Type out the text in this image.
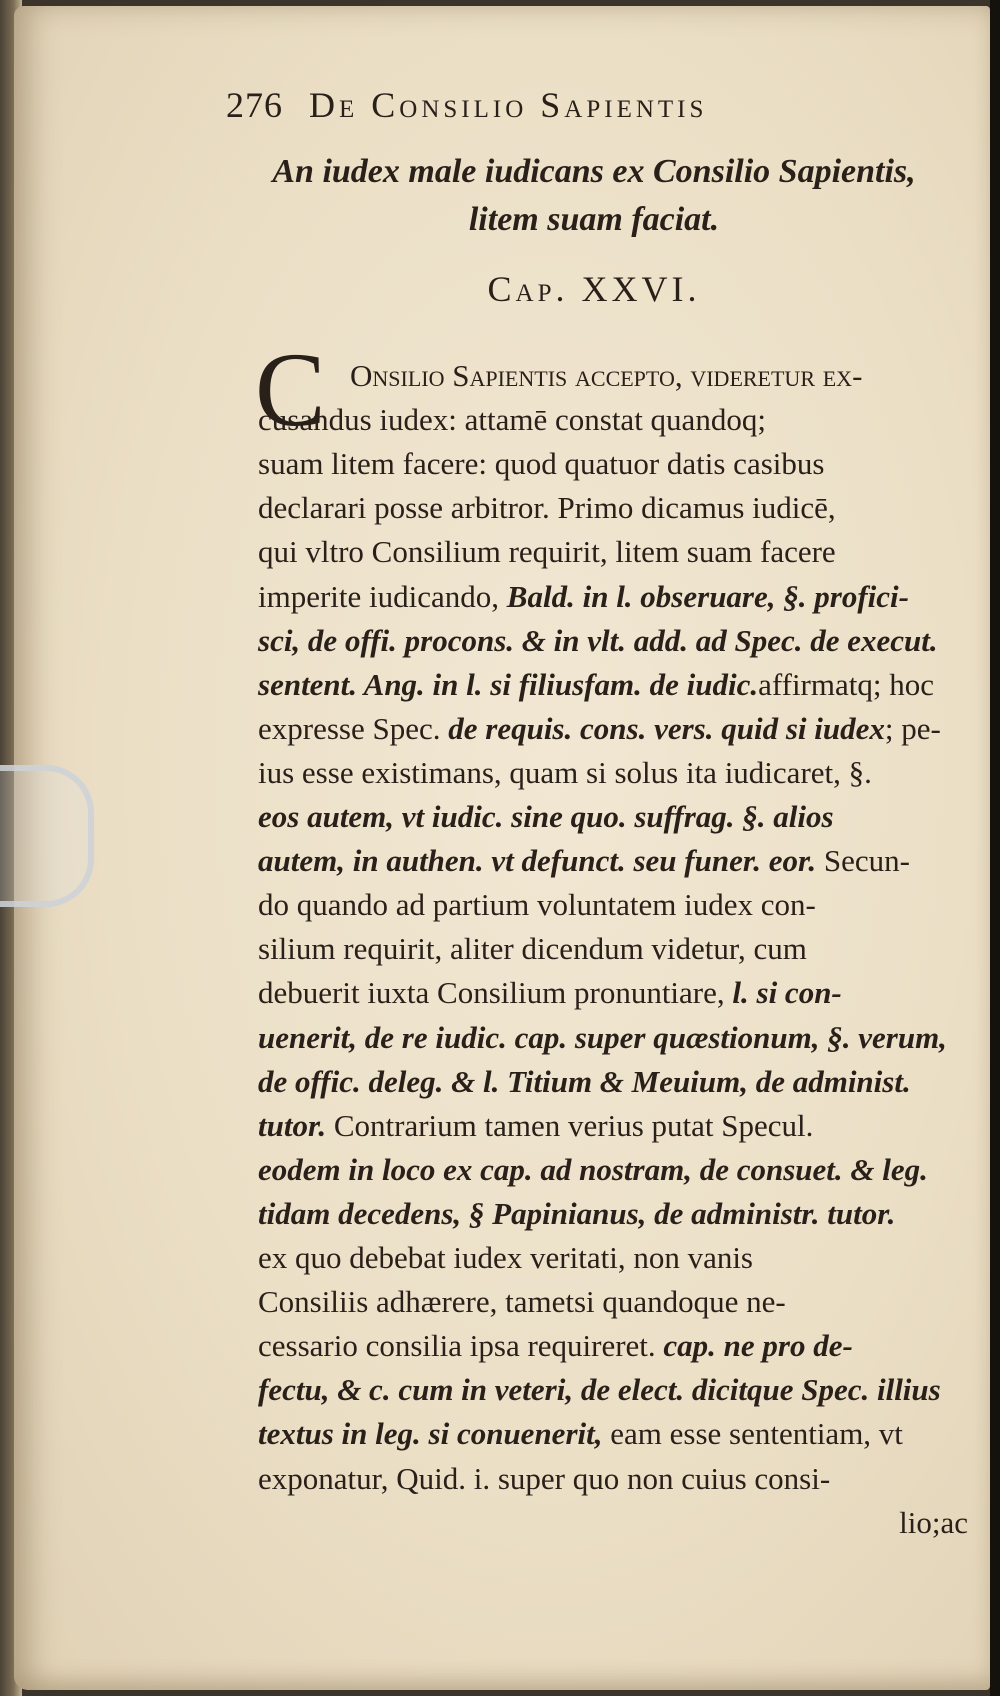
276 De Consilio Sapientis
An iudex male iudicans ex Consilio Sapientis,
litem suam faciat.
Cap. XXVI.
C Onsilio Sapientis accepto, videretur ex-
cusandus iudex: attamē constat quandoq;
suam litem facere: quod quatuor datis casibus
declarari posse arbitror. Primo dicamus iudicē,
qui vltro Consilium requirit, litem suam facere
imperite iudicando, Bald. in l. obseruare, §. profici-
sci, de offi. procons. & in vlt. add. ad Spec. de execut.
sentent. Ang. in l. si filiusfam. de iudic.affirmatq; hoc
expresse Spec. de requis. cons. vers. quid si iudex; pe-
ius esse existimans, quam si solus ita iudicaret, §.
eos autem, vt iudic. sine quo. suffrag. §. alios
autem, in authen. vt defunct. seu funer. eor. Secun-
do quando ad partium voluntatem iudex con-
silium requirit, aliter dicendum videtur, cum
debuerit iuxta Consilium pronuntiare, l. si con-
uenerit, de re iudic. cap. super quæstionum, §. verum,
de offic. deleg. & l. Titium & Meuium, de administ.
tutor. Contrarium tamen verius putat Specul.
eodem in loco ex cap. ad nostram, de consuet. & leg.
tidam decedens, § Papinianus, de administr. tutor.
ex quo debebat iudex veritati, non vanis
Consiliis adhærere, tametsi quandoque ne-
cessario consilia ipsa requireret. cap. ne pro de-
fectu, & c. cum in veteri, de elect. dicitque Spec. illius
textus in leg. si conuenerit, eam esse sententiam, vt
exponatur, Quid. i. super quo non cuius consi-
lio;ac
